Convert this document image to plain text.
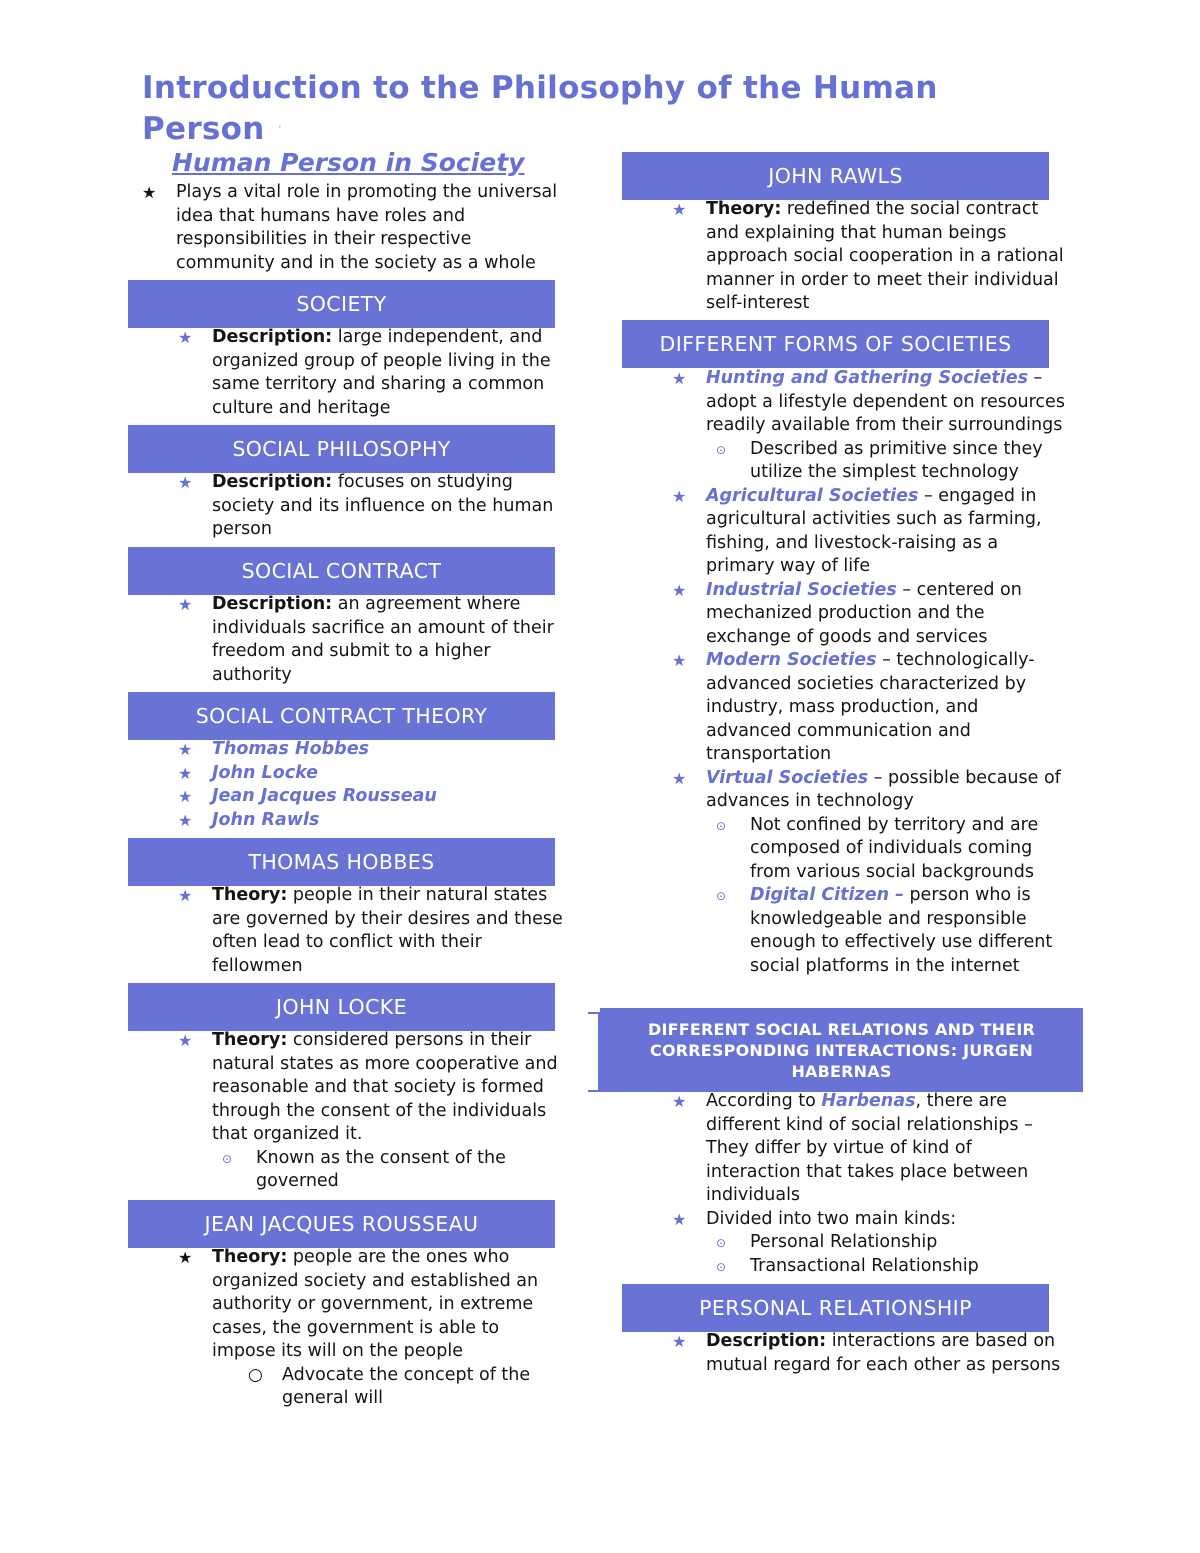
Introduction to the Philosophy of the Human Person '
Human Person in Society
★	Plays a vital role in promoting the universal idea that humans have roles and responsibilities in their respective community and in the society as a whole
SOCIETY
★	Description: large independent, and organized group of people living in the same territory and sharing a common culture and heritage
SOCIAL PHILOSOPHY
★	Description: focuses on studying society and its influence on the human person
SOCIAL CONTRACT
★	Description: an agreement where individuals sacrifice an amount of their freedom and submit to a higher authority
SOCIAL CONTRACT THEORY
★	Thomas Hobbes
★	John Locke
★	Jean Jacques Rousseau
★	John Rawls
THOMAS HOBBES
★	Theory: people in their natural states are governed by their desires and these often lead to conflict with their fellowmen
JOHN LOCKE
★	Theory: considered persons in their natural states as more cooperative and reasonable and that society is formed through the consent of the individuals that organized it.
⊙	Known as the consent of the governed
JEAN JACQUES ROUSSEAU
★	Theory: people are the ones who organized society and established an authority or government, in extreme cases, the government is able to impose its will on the people
○	Advocate the concept of the general will
JOHN RAWLS
★	Theory: redefined the social contract and explaining that human beings approach social cooperation in a rational manner in order to meet their individual self-interest
DIFFERENT FORMS OF SOCIETIES
★	Hunting and Gathering Societies – adopt a lifestyle dependent on resources readily available from their surroundings
⊙	Described as primitive since they utilize the simplest technology
★	Agricultural Societies – engaged in agricultural activities such as farming, fishing, and livestock-raising as a primary way of life
★	Industrial Societies – centered on mechanized production and the exchange of goods and services
★	Modern Societies – technologically-advanced societies characterized by industry, mass production, and advanced communication and transportation
★	Virtual Societies – possible because of advances in technology
⊙	Not confined by territory and are composed of individuals coming from various social backgrounds
⊙	Digital Citizen – person who is knowledgeable and responsible enough to effectively use different social platforms in the internet
DIFFERENT SOCIAL RELATIONS AND THEIR CORRESPONDING INTERACTIONS: JURGEN HABERNAS
★	According to Harbenas, there are different kind of social relationships – They differ by virtue of kind of interaction that takes place between individuals
★	Divided into two main kinds:
⊙	Personal Relationship
⊙	Transactional Relationship
PERSONAL RELATIONSHIP
★	Description: interactions are based on mutual regard for each other as persons
